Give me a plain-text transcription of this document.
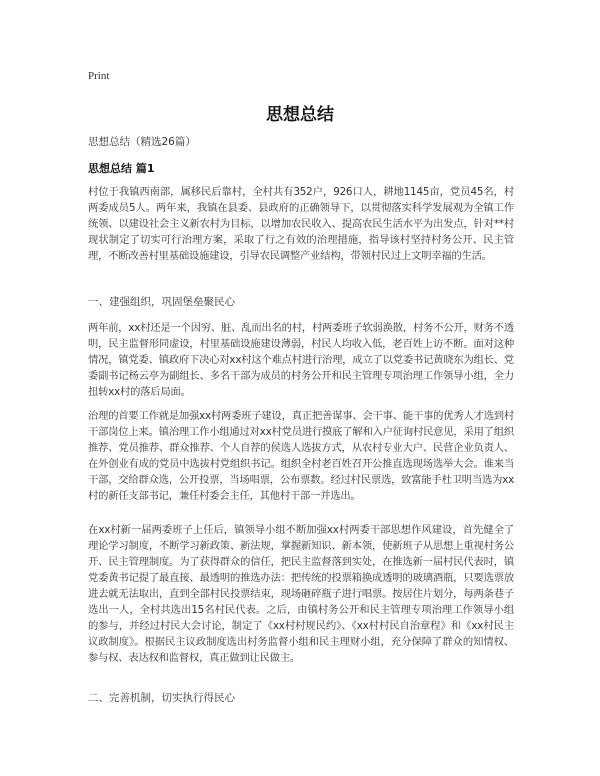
Print
思想总结
思想总结（精选26篇）
思想总结 篇1
村位于我镇西南部，属移民后靠村，全村共有352户，926口人，耕地1145亩，党员45名，村两委成员5人。两年来，我镇在县委、县政府的正确领导下，以贯彻落实科学发展观为全镇工作统领、以建设社会主义新农村为目标，以增加农民收入、提高农民生活水平为出发点，针对**村现状制定了切实可行治理方案，采取了行之有效的治理措施，指导该村坚持村务公开、民主管理，不断改善村里基础设施建设，引导农民调整产业结构，带领村民过上文明幸福的生活。
一、建强组织，巩固堡垒聚民心
两年前，xx村还是一个因穷、脏、乱而出名的村，村两委班子软弱涣散，村务不公开，财务不透明，民主监督形同虚设，村里基础设施建设薄弱，村民人均收入低，老百姓上访不断。面对这种情况，镇党委、镇政府下决心对xx村这个难点村进行治理，成立了以党委书记黄晓东为组长、党委副书记杨云亭为副组长、多名干部为成员的村务公开和民主管理专项治理工作领导小组，全力扭转xx村的落后局面。
治理的首要工作就是加强xx村两委班子建设，真正把善谋事、会干事、能干事的优秀人才选到村干部岗位上来。镇治理工作小组通过对xx村党员进行摸底了解和入户征询村民意见，采用了组织推荐、党员推荐、群众推荐、个人自荐的侯选人选拔方式，从农村专业大户、民营企业负责人、在外创业有成的党员中选拔村党组织书记。组织全村老百姓召开公推直选现场选举大会。谁来当干部，交给群众选，公开投票，当场唱票，公布票数。经过村民票选，致富能手杜卫明当选为xx村的新任支部书记，兼任村委会主任，其他村干部一并选出。
在xx村新一届两委班子上任后，镇领导小组不断加强xx村两委干部思想作风建设，首先健全了理论学习制度，不断学习新政策、新法规，掌握新知识、新本领，使新班子从思想上重视村务公开、民主管理制度。为了获得群众的信任，把民主监督落到实处，在推选新一届村民代表时，镇党委黄书记提了最直接、最透明的推选办法：把传统的投票箱换成透明的玻璃酒瓶，只要选票放进去就无法取出，直到全部村民投票结束，现场砸碎瓶子进行唱票。按居住片划分，每两条巷子选出一人，全村共选出15名村民代表。之后，由镇村务公开和民主管理专项治理工作领导小组的参与，并经过村民大会讨论，制定了《xx村村规民约》、《xx村村民自治章程》和《xx村民主议政制度》。根据民主议政制度选出村务监督小组和民主理财小组，充分保障了群众的知情权、参与权、表达权和监督权，真正做到让民做主。
二、完善机制，切实执行得民心
